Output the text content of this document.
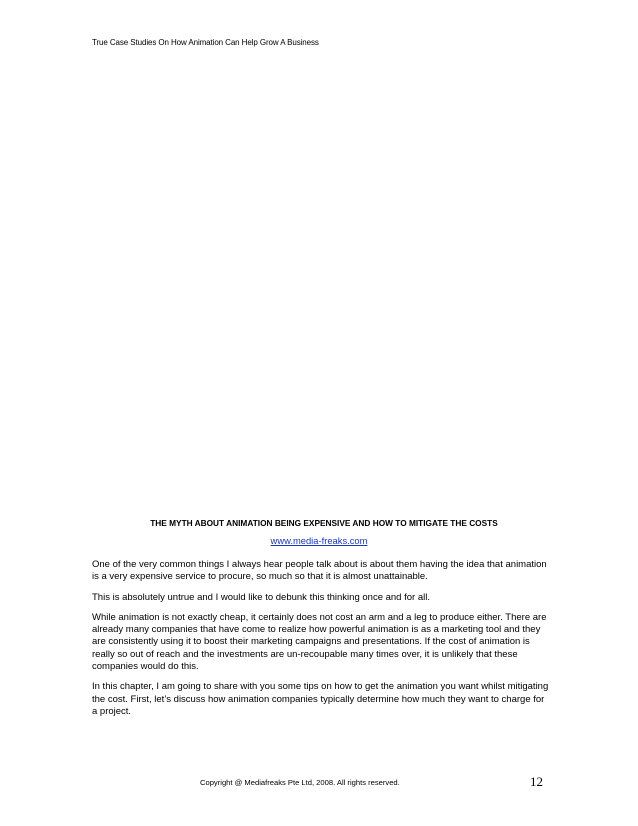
True Case Studies On How Animation Can Help Grow A Business
THE MYTH ABOUT ANIMATION BEING EXPENSIVE AND HOW TO MITIGATE THE COSTS
www.media-freaks.com

One of the very common things I always hear people talk about is about them having the idea that animation is a very expensive service to procure, so much so that it is almost unattainable.

This is absolutely untrue and I would like to debunk this thinking once and for all.

While animation is not exactly cheap, it certainly does not cost an arm and a leg to produce either. There are already many companies that have come to realize how powerful animation is as a marketing tool and they are consistently using it to boost their marketing campaigns and presentations. If the cost of animation is really so out of reach and the investments are un-recoupable many times over, it is unlikely that these companies would do this.

In this chapter, I am going to share with you some tips on how to get the animation you want whilst mitigating the cost. First, let’s discuss how animation companies typically determine how much they want to charge for a project.

Copyright @ Mediafreaks Pte Ltd, 2008. All rights reserved.	12
